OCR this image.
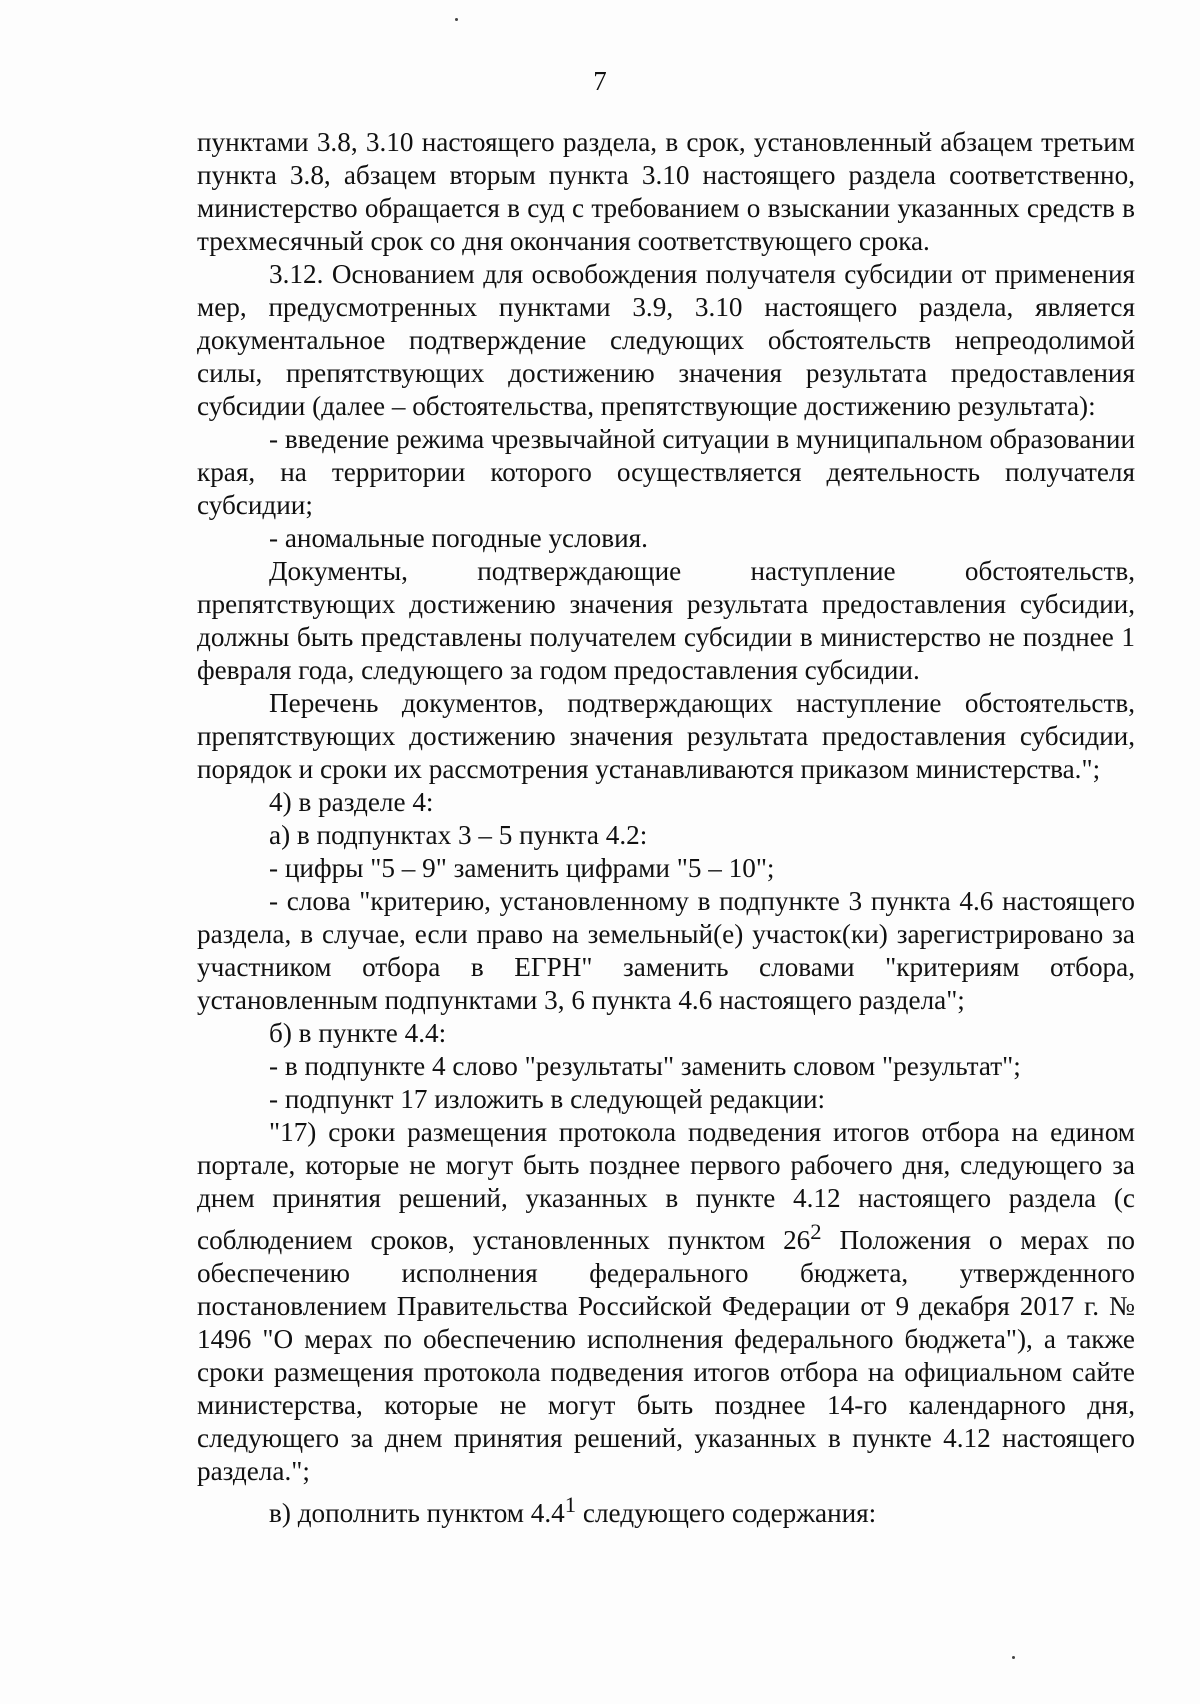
7

пунктами 3.8, 3.10 настоящего раздела, в срок, установленный абзацем третьим пункта 3.8, абзацем вторым пункта 3.10 настоящего раздела соответственно, министерство обращается в суд с требованием о взыскании указанных средств в трехмесячный срок со дня окончания соответствующего срока.

3.12. Основанием для освобождения получателя субсидии от применения мер, предусмотренных пунктами 3.9, 3.10 настоящего раздела, является документальное подтверждение следующих обстоятельств непреодолимой силы, препятствующих достижению значения результата предоставления субсидии (далее – обстоятельства, препятствующие достижению результата):

- введение режима чрезвычайной ситуации в муниципальном образовании края, на территории которого осуществляется деятельность получателя субсидии;

- аномальные погодные условия.

Документы, подтверждающие наступление обстоятельств, препятствующих достижению значения результата предоставления субсидии, должны быть представлены получателем субсидии в министерство не позднее 1 февраля года, следующего за годом предоставления субсидии.

Перечень документов, подтверждающих наступление обстоятельств, препятствующих достижению значения результата предоставления субсидии, порядок и сроки их рассмотрения устанавливаются приказом министерства.";

4) в разделе 4:

а) в подпунктах 3 – 5 пункта 4.2:

- цифры "5 – 9" заменить цифрами "5 – 10";

- слова "критерию, установленному в подпункте 3 пункта 4.6 настоящего раздела, в случае, если право на земельный(е) участок(ки) зарегистрировано за участником отбора в ЕГРН" заменить словами "критериям отбора, установленным подпунктами 3, 6 пункта 4.6 настоящего раздела";

б) в пункте 4.4:

- в подпункте 4 слово "результаты" заменить словом "результат";

- подпункт 17 изложить в следующей редакции:

"17) сроки размещения протокола подведения итогов отбора на едином портале, которые не могут быть позднее первого рабочего дня, следующего за днем принятия решений, указанных в пункте 4.12 настоящего раздела (с соблюдением сроков, установленных пунктом $26^2$ Положения о мерах по обеспечению исполнения федерального бюджета, утвержденного постановлением Правительства Российской Федерации от 9 декабря 2017 г. № 1496 "О мерах по обеспечению исполнения федерального бюджета"), а также сроки размещения протокола подведения итогов отбора на официальном сайте министерства, которые не могут быть позднее 14-го календарного дня, следующего за днем принятия решений, указанных в пункте 4.12 настоящего раздела.";

в) дополнить пунктом $4.4^1$ следующего содержания:
